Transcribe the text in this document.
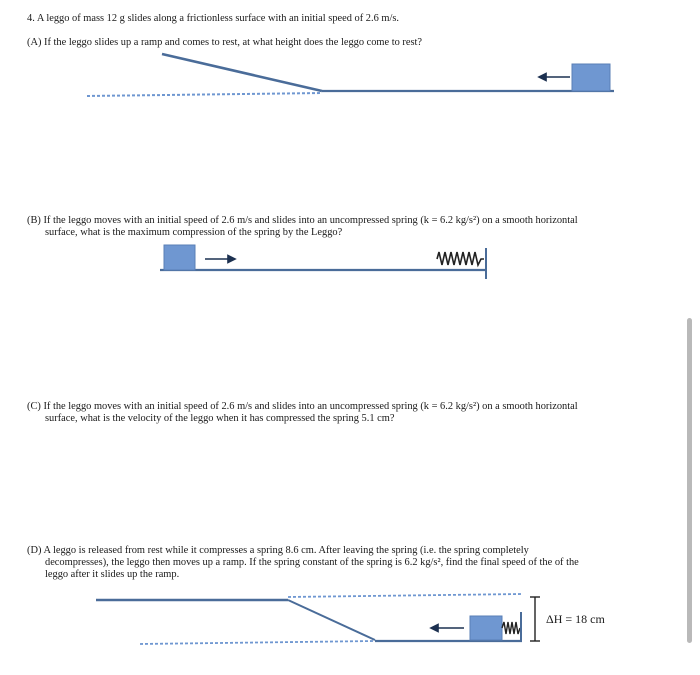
4. A leggo of mass 12 g slides along a frictionless surface with an initial speed of 2.6 m/s.
(A) If the leggo slides up a ramp and comes to rest, at what height does the leggo come to rest?
(B) If the leggo moves with an initial speed of 2.6 m/s and slides into an uncompressed spring (k = 6.2 kg/s²) on a smooth horizontal
surface, what is the maximum compression of the spring by the Leggo?
(C) If the leggo moves with an initial speed of 2.6 m/s and slides into an uncompressed spring (k = 6.2 kg/s²) on a smooth horizontal
surface, what is the velocity of the leggo when it has compressed the spring 5.1 cm?
(D) A leggo is released from rest while it compresses a spring 8.6 cm. After leaving the spring (i.e. the spring completely
decompresses), the leggo then moves up a ramp. If the spring constant of the spring is 6.2 kg/s², find the final speed of the of the
leggo after it slides up the ramp.
ΔH = 18 cm
